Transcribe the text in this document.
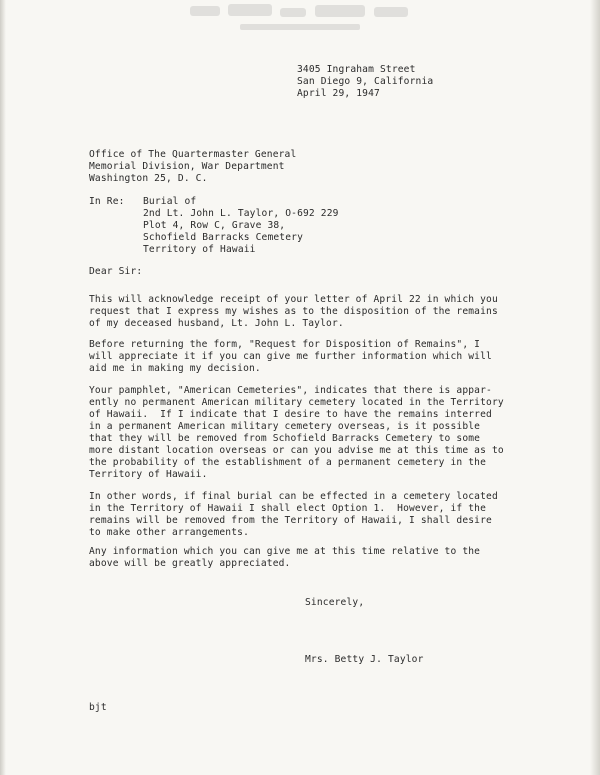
3405 Ingraham Street
San Diego 9, California
April 29, 1947
Office of The Quartermaster General
Memorial Division, War Department
Washington 25, D. C.
In Re: Burial of
2nd Lt. John L. Taylor, O-692 229
Plot 4, Row C, Grave 38,
Schofield Barracks Cemetery
Territory of Hawaii
Dear Sir:
This will acknowledge receipt of your letter of April 22 in which you
request that I express my wishes as to the disposition of the remains
of my deceased husband, Lt. John L. Taylor.
Before returning the form, "Request for Disposition of Remains", I
will appreciate it if you can give me further information which will
aid me in making my decision.
Your pamphlet, "American Cemeteries", indicates that there is appar-
ently no permanent American military cemetery located in the Territory
of Hawaii.  If I indicate that I desire to have the remains interred
in a permanent American military cemetery overseas, is it possible
that they will be removed from Schofield Barracks Cemetery to some
more distant location overseas or can you advise me at this time as to
the probability of the establishment of a permanent cemetery in the
Territory of Hawaii.
In other words, if final burial can be effected in a cemetery located
in the Territory of Hawaii I shall elect Option 1.  However, if the
remains will be removed from the Territory of Hawaii, I shall desire
to make other arrangements.
Any information which you can give me at this time relative to the
above will be greatly appreciated.
Sincerely,
Mrs. Betty J. Taylor
bjt
